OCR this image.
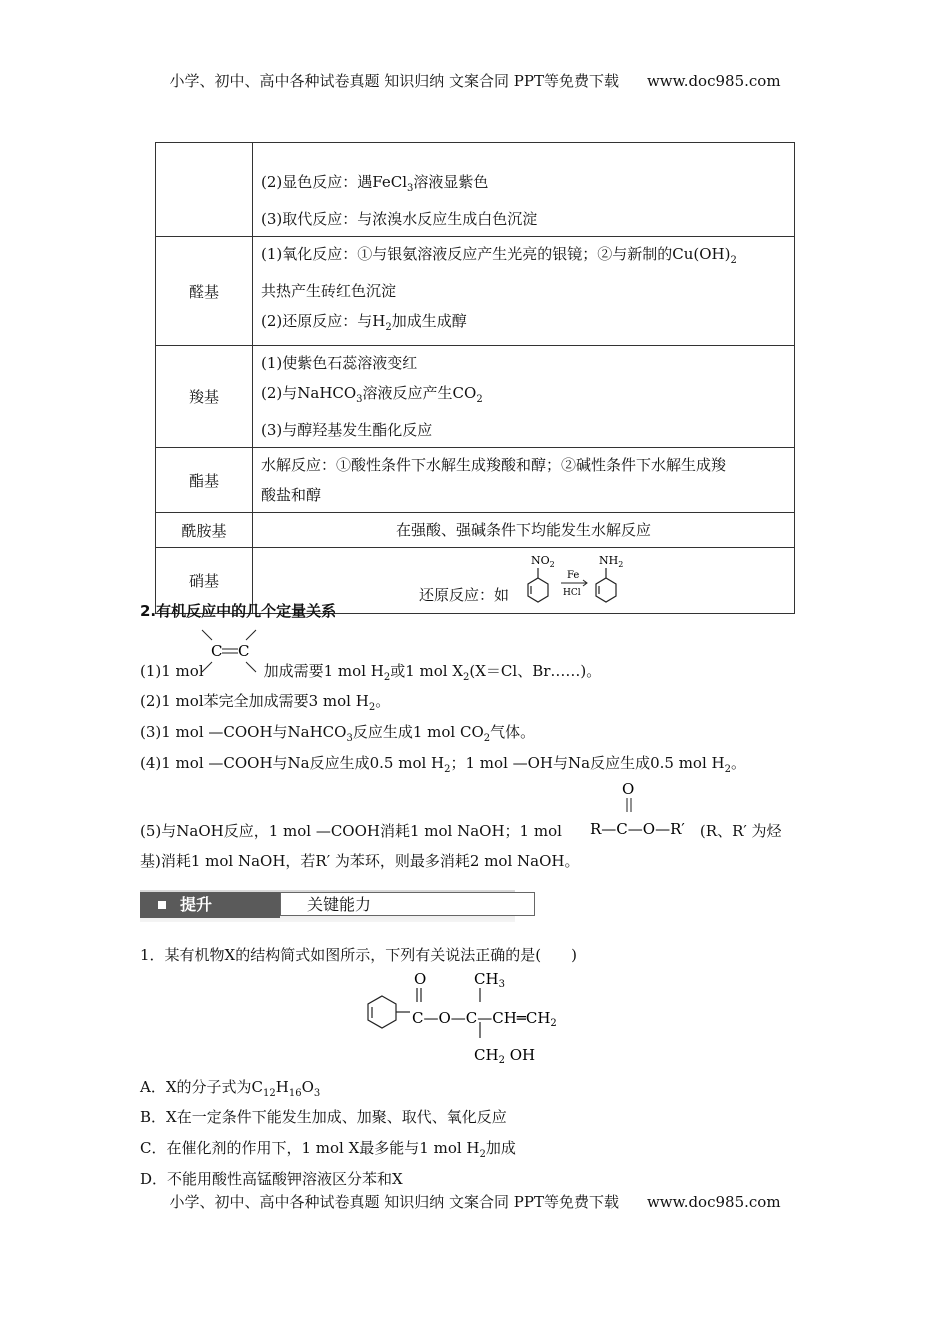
小学、初中、高中各种试卷真题 知识归纳 文案合同 PPT等免费下载 www.doc985.com

	(2)显色反应：遇FeCl$_3$溶液显紫色
(3)取代反应：与浓溴水反应生成白色沉淀

醛基	(1)氧化反应：①与银氨溶液反应产生光亮的银镜；②与新制的$Cu(OH)_2$
共热产生砖红色沉淀
(2)还原反应：与$H_2$加成生成醇

羧基	(1)使紫色石蕊溶液变红
(2)与NaHCO$_3$溶液反应产生$CO_2$
(3)与醇羟基发生酯化反应

酯基	水解反应：①酸性条件下水解生成羧酸和醇；②碱性条件下水解生成羧
酸盐和醇

酰胺基	在强酸、强碱条件下均能发生水解反应
硝基	还原反应：如
$NO_2$
Fe
HCl
$NH_2$
2.有机反应中的几个定量关系
C C
(1)1 mol	加成需要1 mol $H_2$或1 mol $X_2(X=Cl$、Br……)。
(2)1 mol苯完全加成需要3 mol $H_2$。
(3)1 mol —COOH与NaHCO$_3$反应生成1 mol $CO_2$气体。
(4)1 mol —COOH与Na反应生成0.5 mol $H_2$；1 mol —OH与Na反应生成0.5 mol $H_2$。
O
R—C—O—R′
(5)与NaOH反应，1 mol —COOH消耗1 mol NaOH；1 mol	(R、R′ 为烃
基)消耗1 mol NaOH，若R′ 为苯环，则最多消耗2 mol NaOH。
提升	关键能力
1．某有机物X的结构简式如图所示，下列有关说法正确的是(　　)
O	$CH_3$
$C—O—C—CH═CH_2$
$CH_2$ OH
A．X的分子式为$C_{12}H_{16}O_3$
B．X在一定条件下能发生加成、加聚、取代、氧化反应
C．在催化剂的作用下，1 mol X最多能与1 mol $H_2$加成
D．不能用酸性高锰酸钾溶液区分苯和X
小学、初中、高中各种试卷真题 知识归纳 文案合同 PPT等免费下载 www.doc985.com
